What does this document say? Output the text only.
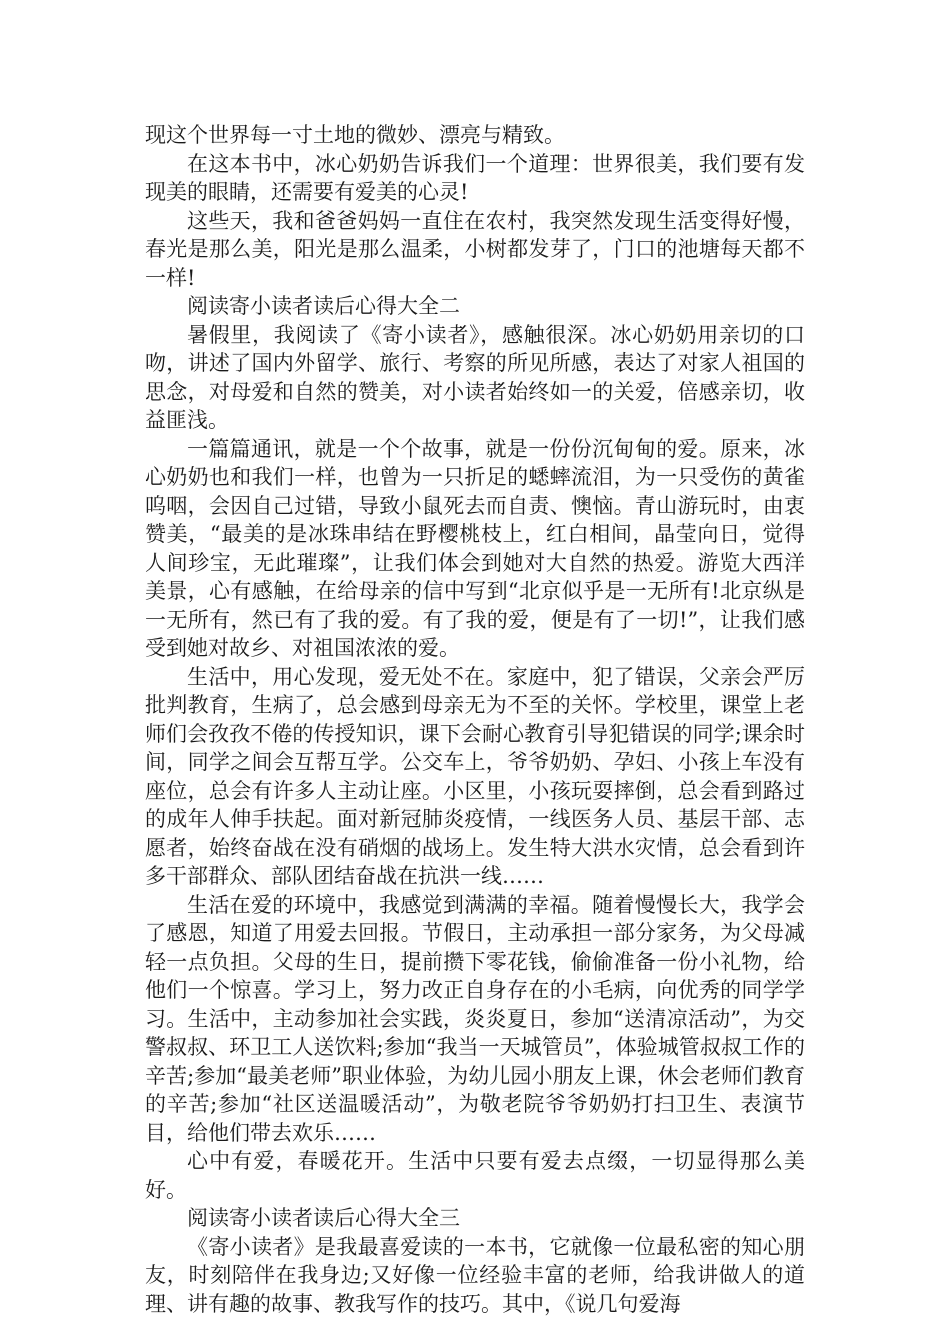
现这个世界每一寸土地的微妙、漂亮与精致。

在这本书中，冰心奶奶告诉我们一个道理：世界很美，我们要有发现美的眼睛，还需要有爱美的心灵!

这些天，我和爸爸妈妈一直住在农村，我突然发现生活变得好慢，春光是那么美，阳光是那么温柔，小树都发芽了，门口的池塘每天都不一样!

阅读寄小读者读后心得大全二

暑假里，我阅读了《寄小读者》，感触很深。冰心奶奶用亲切的口吻，讲述了国内外留学、旅行、考察的所见所感，表达了对家人祖国的思念，对母爱和自然的赞美，对小读者始终如一的关爱，倍感亲切，收益匪浅。

一篇篇通讯，就是一个个故事，就是一份份沉甸甸的爱。原来，冰心奶奶也和我们一样，也曾为一只折足的蟋蟀流泪，为一只受伤的黄雀呜咽，会因自己过错，导致小鼠死去而自责、懊恼。青山游玩时，由衷赞美，“最美的是冰珠串结在野樱桃枝上，红白相间，晶莹向日，觉得人间珍宝，无此璀璨”，让我们体会到她对大自然的热爱。游览大西洋美景，心有感触，在给母亲的信中写到“北京似乎是一无所有!北京纵是一无所有，然已有了我的爱。有了我的爱，便是有了一切!”，让我们感受到她对故乡、对祖国浓浓的爱。

生活中，用心发现，爱无处不在。家庭中，犯了错误，父亲会严厉批判教育，生病了，总会感到母亲无为不至的关怀。学校里，课堂上老师们会孜孜不倦的传授知识，课下会耐心教育引导犯错误的同学;课余时间，同学之间会互帮互学。公交车上，爷爷奶奶、孕妇、小孩上车没有座位，总会有许多人主动让座。小区里，小孩玩耍摔倒，总会看到路过的成年人伸手扶起。面对新冠肺炎疫情，一线医务人员、基层干部、志愿者，始终奋战在没有硝烟的战场上。发生特大洪水灾情，总会看到许多干部群众、部队团结奋战在抗洪一线……

生活在爱的环境中，我感觉到满满的幸福。随着慢慢长大，我学会了感恩，知道了用爱去回报。节假日，主动承担一部分家务，为父母减轻一点负担。父母的生日，提前攒下零花钱，偷偷准备一份小礼物，给他们一个惊喜。学习上，努力改正自身存在的小毛病，向优秀的同学学习。生活中，主动参加社会实践，炎炎夏日，参加“送清凉活动”，为交警叔叔、环卫工人送饮料;参加“我当一天城管员”，体验城管叔叔工作的辛苦;参加“最美老师”职业体验，为幼儿园小朋友上课，休会老师们教育的辛苦;参加“社区送温暖活动”，为敬老院爷爷奶奶打扫卫生、表演节目，给他们带去欢乐……

心中有爱，春暖花开。生活中只要有爱去点缀，一切显得那么美好。

阅读寄小读者读后心得大全三

《寄小读者》是我最喜爱读的一本书，它就像一位最私密的知心朋友，时刻陪伴在我身边;又好像一位经验丰富的老师，给我讲做人的道理、讲有趣的故事、教我写作的技巧。其中，《说几句爱海
